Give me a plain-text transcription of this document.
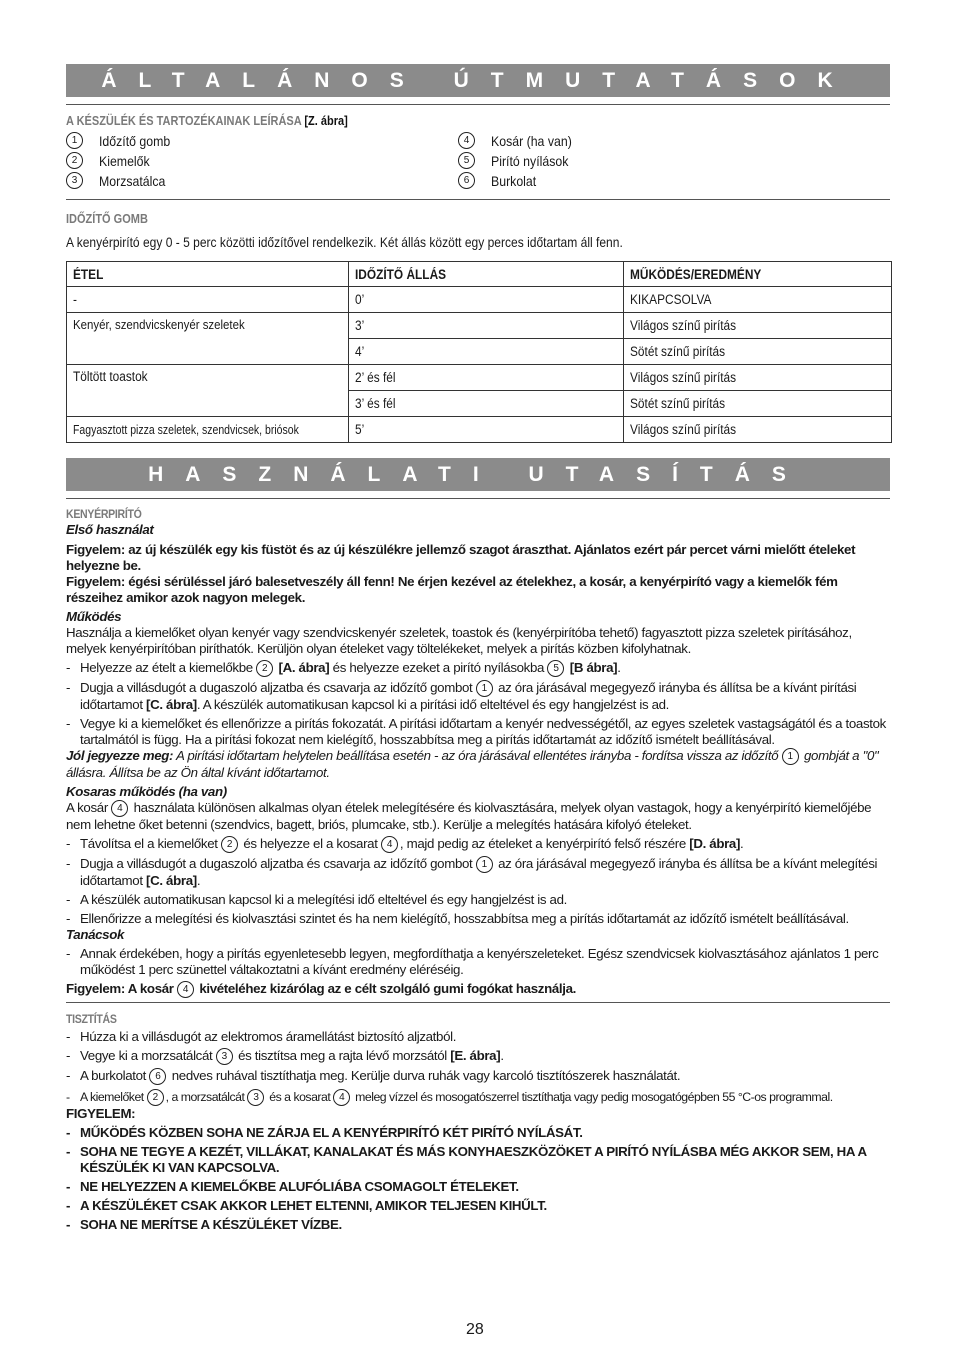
ÁLTALÁNOS ÚTMUTATÁSOK
A KÉSZÜLÉK ÉS TARTOZÉKAINAK LEÍRÁSA [Z. ábra]
1	Időzítő gomb	4	Kosár (ha van)
2	Kiemelők	5	Pirító nyílások
3	Morzsatálca	6	Burkolat
IDŐZÍTŐ GOMB
A kenyérpirító egy 0 - 5 perc közötti időzítővel rendelkezik. Két állás között egy perces időtartam áll fenn.
ÉTEL	IDŐZÍTŐ ÁLLÁS	MŰKÖDÉS/EREDMÉNY
-	0’	KIKAPCSOLVA
Kenyér, szendvicskenyér szeletek	3’	Világos színű pirítás
	4’	Sötét színű pirítás
Töltött toastok	2’ és fél	Világos színű pirítás
	3’ és fél	Sötét színű pirítás
Fagyasztott pizza szeletek, szendvicsek, briósok	5’	Világos színű pirítás
HASZNÁLATI UTASÍTÁS
KENYÉRPIRÍTÓ
Első használat
Figyelem: az új készülék egy kis füstöt és az új készülékre jellemző szagot áraszthat. Ajánlatos ezért pár percet várni mielőtt ételeket helyezne be.
Figyelem: égési sérüléssel járó balesetveszély áll fenn! Ne érjen kezével az ételekhez, a kosár, a kenyérpirító vagy a kiemelők fém részeihez amikor azok nagyon melegek.
Működés
Használja a kiemelőket olyan kenyér vagy szendvicskenyér szeletek, toastok és (kenyérpirítóba tehető) fagyasztott pizza szeletek pirításához, melyek kenyérpirítóban piríthatók. Kerüljön olyan ételeket vagy töltelékeket, melyek a pirítás közben kifolyhatnak.
- Helyezze az ételt a kiemelőkbe 2 [A. ábra] és helyezze ezeket a pirító nyílásokba 5 [B ábra].
- Dugja a villásdugót a dugaszoló aljzatba és csavarja az időzítő gombot 1 az óra járásával megegyező irányba és állítsa be a kívánt pirítási időtartamot [C. ábra]. A készülék automatikusan kapcsol ki a pirítási idő elteltével és egy hangjelzést is ad.
- Vegye ki a kiemelőket és ellenőrizze a pirítás fokozatát. A pirítási időtartam a kenyér nedvességétől, az egyes szeletek vastagságától és a toastok tartalmától is függ. Ha a pirítási fokozat nem kielégítő, hosszabbítsa meg a pirítás időtartamát az időzítő ismételt beállításával.
Jól jegyezze meg: A pirítási időtartam helytelen beállítása esetén - az óra járásával ellentétes irányba - fordítsa vissza az időzítő 1 gombját a "0" állásra. Állítsa be az Ön által kívánt időtartamot.
Kosaras működés (ha van)
A kosár 4 használata különösen alkalmas olyan ételek melegítésére és kiolvasztására, melyek olyan vastagok, hogy a kenyérpirító kiemelőjébe nem lehetne őket betenni (szendvics, bagett, briós, plumcake, stb.). Kerülje a melegítés hatására kifolyó ételeket.
- Távolítsa el a kiemelőket 2 és helyezze el a kosarat 4 , majd pedig az ételeket a kenyérpirító felső részére [D. ábra].
- Dugja a villásdugót a dugaszoló aljzatba és csavarja az időzítő gombot 1 az óra járásával megegyező irányba és állítsa be a kívánt melegítési időtartamot [C. ábra].
- A készülék automatikusan kapcsol ki a melegítési idő elteltével és egy hangjelzést is ad.
- Ellenőrizze a melegítési és kiolvasztási szintet és ha nem kielégítő, hosszabbítsa meg a pirítás időtartamát az időzítő ismételt beállításával.
Tanácsok
- Annak érdekében, hogy a pirítás egyenletesebb legyen, megfordíthatja a kenyérszeleteket. Egész szendvicsek kiolvasztásához ajánlatos 1 perc működést 1 perc szünettel váltakoztatni a kívánt eredmény eléréséig.
Figyelem: A kosár 4 kivételéhez kizárólag az e célt szolgáló gumi fogókat használja.
TISZTÍTÁS
- Húzza ki a villásdugót az elektromos áramellátást biztosító aljzatból.
- Vegye ki a morzsatálcát 3 és tisztítsa meg a rajta lévő morzsától [E. ábra].
- A burkolatot 6 nedves ruhával tisztíthatja meg. Kerülje durva ruhák vagy karcoló tisztítószerek használatát.
- A kiemelőket 2 , a morzsatálcát 3 és a kosarat 4 meleg vízzel és mosogatószerrel tisztíthatja vagy pedig mosogatógépben 55 °C-os programmal.
FIGYELEM:
- MŰKÖDÉS KÖZBEN SOHA NE ZÁRJA EL A KENYÉRPIRÍTÓ KÉT PIRÍTÓ NYÍLÁSÁT.
- SOHA NE TEGYE A KEZÉT, VILLÁKAT, KANALAKAT ÉS MÁS KONYHAESZKÖZÖKET A PIRÍTÓ NYÍLÁSBA MÉG AKKOR SEM, HA A KÉSZÜLÉK KI VAN KAPCSOLVA.
- NE HELYEZZEN A KIEMELŐKBE ALUFÓLIÁBA CSOMAGOLT ÉTELEKET.
- A KÉSZÜLÉKET CSAK AKKOR LEHET ELTENNI, AMIKOR TELJESEN KIHŰLT.
- SOHA NE MERÍTSE A KÉSZÜLÉKET VÍZBE.
28
